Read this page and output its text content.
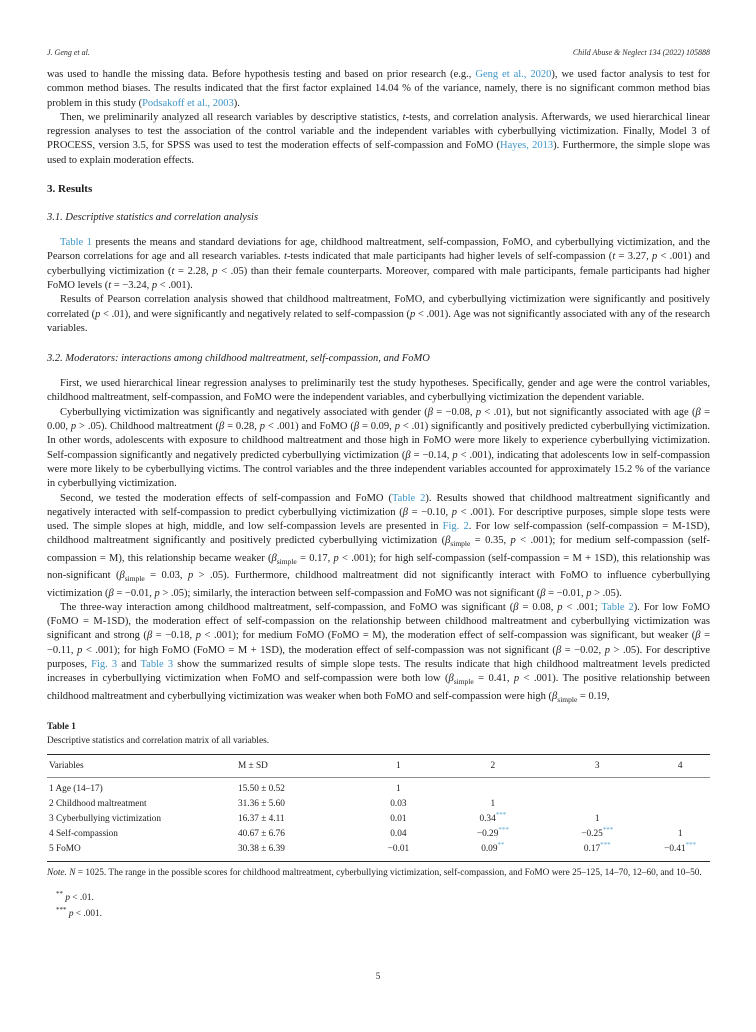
J. Geng et al.	Child Abuse & Neglect 134 (2022) 105888

was used to handle the missing data. Before hypothesis testing and based on prior research (e.g., Geng et al., 2020), we used factor analysis to test for common method biases. The results indicated that the first factor explained 14.04 % of the variance, namely, there is no significant common method bias problem in this study (Podsakoff et al., 2003).

Then, we preliminarily analyzed all research variables by descriptive statistics, t-tests, and correlation analysis. Afterwards, we used hierarchical linear regression analyses to test the association of the control variable and the independent variables with cyberbullying victimization. Finally, Model 3 of PROCESS, version 3.5, for SPSS was used to test the moderation effects of self-compassion and FoMO (Hayes, 2013). Furthermore, the simple slope was used to explain moderation effects.

3. Results
3.1. Descriptive statistics and correlation analysis

Table 1 presents the means and standard deviations for age, childhood maltreatment, self-compassion, FoMO, and cyberbullying victimization, and the Pearson correlations for age and all research variables. t-tests indicated that male participants had higher levels of self-compassion (t = 3.27, p < .001) and cyberbullying victimization (t = 2.28, p < .05) than their female counterparts. Moreover, compared with male participants, female participants had higher FoMO levels (t = −3.24, p < .001).

Results of Pearson correlation analysis showed that childhood maltreatment, FoMO, and cyberbullying victimization were significantly and positively correlated (p < .01), and were significantly and negatively related to self-compassion (p < .001). Age was not significantly associated with any of the research variables.

3.2. Moderators: interactions among childhood maltreatment, self-compassion, and FoMO

First, we used hierarchical linear regression analyses to preliminarily test the study hypotheses. Specifically, gender and age were the control variables, childhood maltreatment, self-compassion, and FoMO were the independent variables, and cyberbullying victimization the dependent variable.

Cyberbullying victimization was significantly and negatively associated with gender (β = −0.08, p < .01), but not significantly associated with age (β = 0.00, p > .05). Childhood maltreatment (β = 0.28, p < .001) and FoMO (β = 0.09, p < .01) significantly and positively predicted cyberbullying victimization. In other words, adolescents with exposure to childhood maltreatment and those high in FoMO were more likely to experience cyberbullying victimization. Self-compassion significantly and negatively predicted cyberbullying victimization (β = −0.14, p < .001), indicating that adolescents low in self-compassion were more likely to be cyberbullying victims. The control variables and the three independent variables accounted for approximately 15.2 % of the variance in cyberbullying victimization.

Second, we tested the moderation effects of self-compassion and FoMO (Table 2). Results showed that childhood maltreatment significantly and negatively interacted with self-compassion to predict cyberbullying victimization (β = −0.10, p < .001). For descriptive purposes, simple slope tests were used. The simple slopes at high, middle, and low self-compassion levels are presented in Fig. 2. For low self-compassion (self-compassion = M-1SD), childhood maltreatment significantly and positively predicted cyberbullying victimization ($\beta_{simple} = 0.35$, p < .001); for medium self-compassion (self-compassion = M), this relationship became weaker ($\beta_{simple} = 0.17$, p < .001); for high self-compassion (self-compassion = M + 1SD), this relationship was non-significant ($\beta_{simple} = 0.03$, p > .05). Furthermore, childhood maltreatment did not significantly interact with FoMO to influence cyberbullying victimization (β = −0.01, p > .05); similarly, the interaction between self-compassion and FoMO was not significant (β = −0.01, p > .05).

The three-way interaction among childhood maltreatment, self-compassion, and FoMO was significant (β = 0.08, p < .001; Table 2). For low FoMO (FoMO = M-1SD), the moderation effect of self-compassion on the relationship between childhood maltreatment and cyberbullying victimization was significant and strong (β = −0.18, p < .001); for medium FoMO (FoMO = M), the moderation effect of self-compassion was significant, but weaker (β = −0.11, p < .001); for high FoMO (FoMO = M + 1SD), the moderation effect of self-compassion was not significant (β = −0.02, p > .05). For descriptive purposes, Fig. 3 and Table 3 show the summarized results of simple slope tests. The results indicate that high childhood maltreatment levels predicted increases in cyberbullying victimization when FoMO and self-compassion were both low ($\beta_{simple} = 0.41$, p < .001). The positive relationship between childhood maltreatment and cyberbullying victimization was weaker when both FoMO and self-compassion were high ($\beta_{simple} = 0.19$,

Table 1

Descriptive statistics and correlation matrix of all variables.

Variables	M ± SD	1	2	3	4
1 Age (14–17)	15.50 ± 0.52	1			
2 Childhood maltreatment	31.36 ± 5.60	0.03	1		
3 Cyberbullying victimization	16.37 ± 4.11	0.01	0.34***	1	
4 Self-compassion	40.67 ± 6.76	0.04	−0.29***	−0.25***	1
5 FoMO	30.38 ± 6.39	−0.01	0.09**	0.17***	−0.41***

Note. N = 1025. The range in the possible scores for childhood maltreatment, cyberbullying victimization, self-compassion, and FoMO were 25–125, 14–70, 12–60, and 10–50.

** p < .01.
*** p < .001.
5
